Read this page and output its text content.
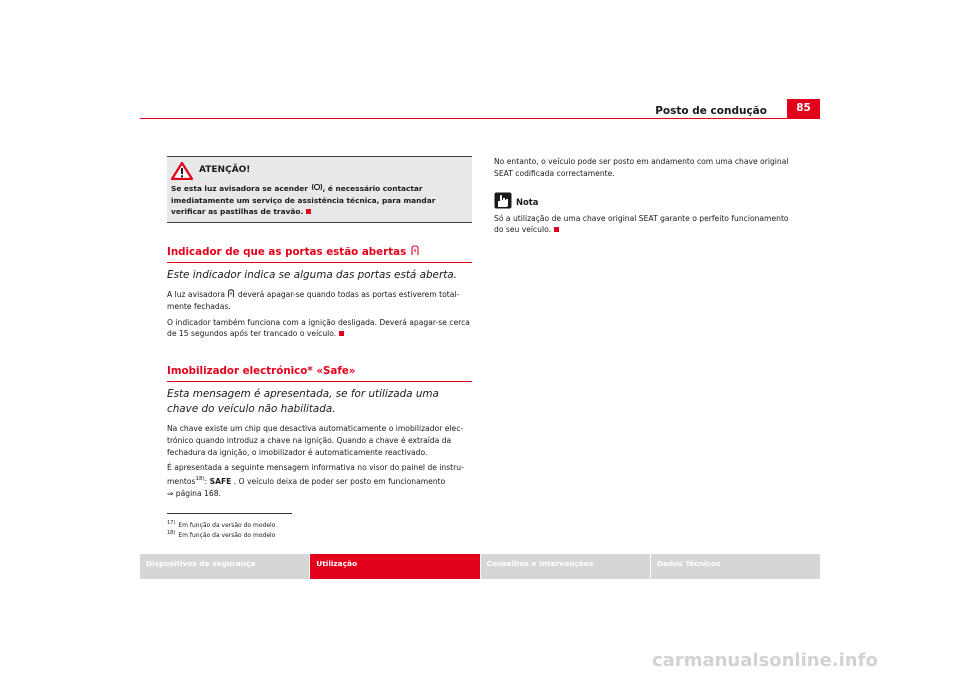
Posto de condução	85
ATENÇÃO!
Se esta luz avisadora se acender , é necessário contactar imediatamente um serviço de assistência técnica, para mandar verificar as pastilhas de travão.
Indicador de que as portas estão abertas
Este indicador indica se alguma das portas está aberta.

A luz avisadora  deverá apagar-se quando todas as portas estiverem total-mente fechadas.

O indicador também funciona com a ignição desligada. Deverá apagar-se cerca de 15 segundos após ter trancado o veículo.

Imobilizador electrónico* «Safe»
Esta mensagem é apresentada, se for utilizada uma chave do veículo não habilitada.

Na chave existe um chip que desactiva automaticamente o imobilizador elec-trónico quando introduz a chave na ignição. Quando a chave é extraída da fechadura da ignição, o imobilizador é automaticamente reactivado.

É apresentada a seguinte mensagem informativa no visor do painel de instru-mentos$^{18)}$: SAFE . O veículo deixa de poder ser posto em funcionamento
⇒ página 168.

No entanto, o veículo pode ser posto em andamento com uma chave original SEAT codificada correctamente.

Nota

Só a utilização de uma chave original SEAT garante o perfeito funcionamento do seu veículo.

$^{17)}$ Em função da versão do modelo
$^{18)}$ Em função da versão do modelo
Dispositivos de segurança	Utilização	Conselhos e Intervenções	Dados Técnicos
carmanualsonline.info
